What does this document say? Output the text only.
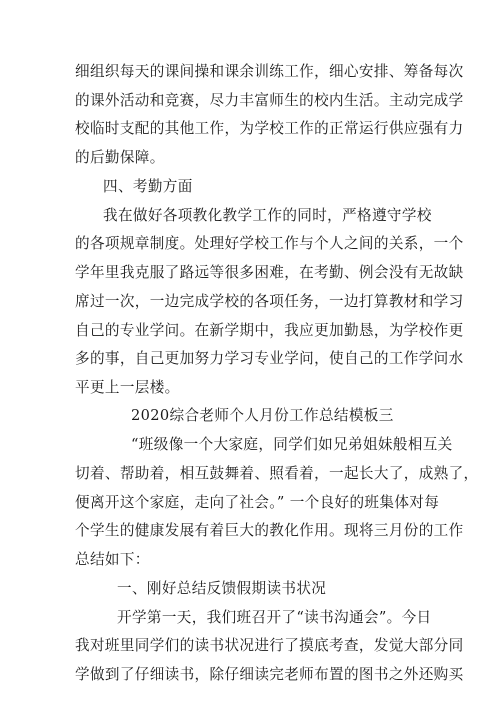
细组织每天的课间操和课余训练工作，细心安排、筹备每次
的课外活动和竞赛，尽力丰富师生的校内生活。主动完成学
校临时支配的其他工作，为学校工作的正常运行供应强有力
的后勤保障。
四、考勤方面
我在做好各项教化教学工作的同时，严格遵守学校
的各项规章制度。处理好学校工作与个人之间的关系，一个
学年里我克服了路远等很多困难，在考勤、例会没有无故缺
席过一次，一边完成学校的各项任务，一边打算教材和学习
自己的专业学问。在新学期中，我应更加勤恳，为学校作更
多的事，自己更加努力学习专业学问，使自己的工作学问水
平更上一层楼。
2020综合老师个人月份工作总结模板三
“班级像一个大家庭，同学们如兄弟姐妹般相互关
切着、帮助着，相互鼓舞着、照看着，一起长大了，成熟了，
便离开这个家庭，走向了社会。” 一个良好的班集体对每
个学生的健康发展有着巨大的教化作用。现将三月份的工作
总结如下：
一、刚好总结反馈假期读书状况
开学第一天，我们班召开了“读书沟通会”。今日
我对班里同学们的读书状况进行了摸底考查，发觉大部分同
学做到了仔细读书，除仔细读完老师布置的图书之外还购买
